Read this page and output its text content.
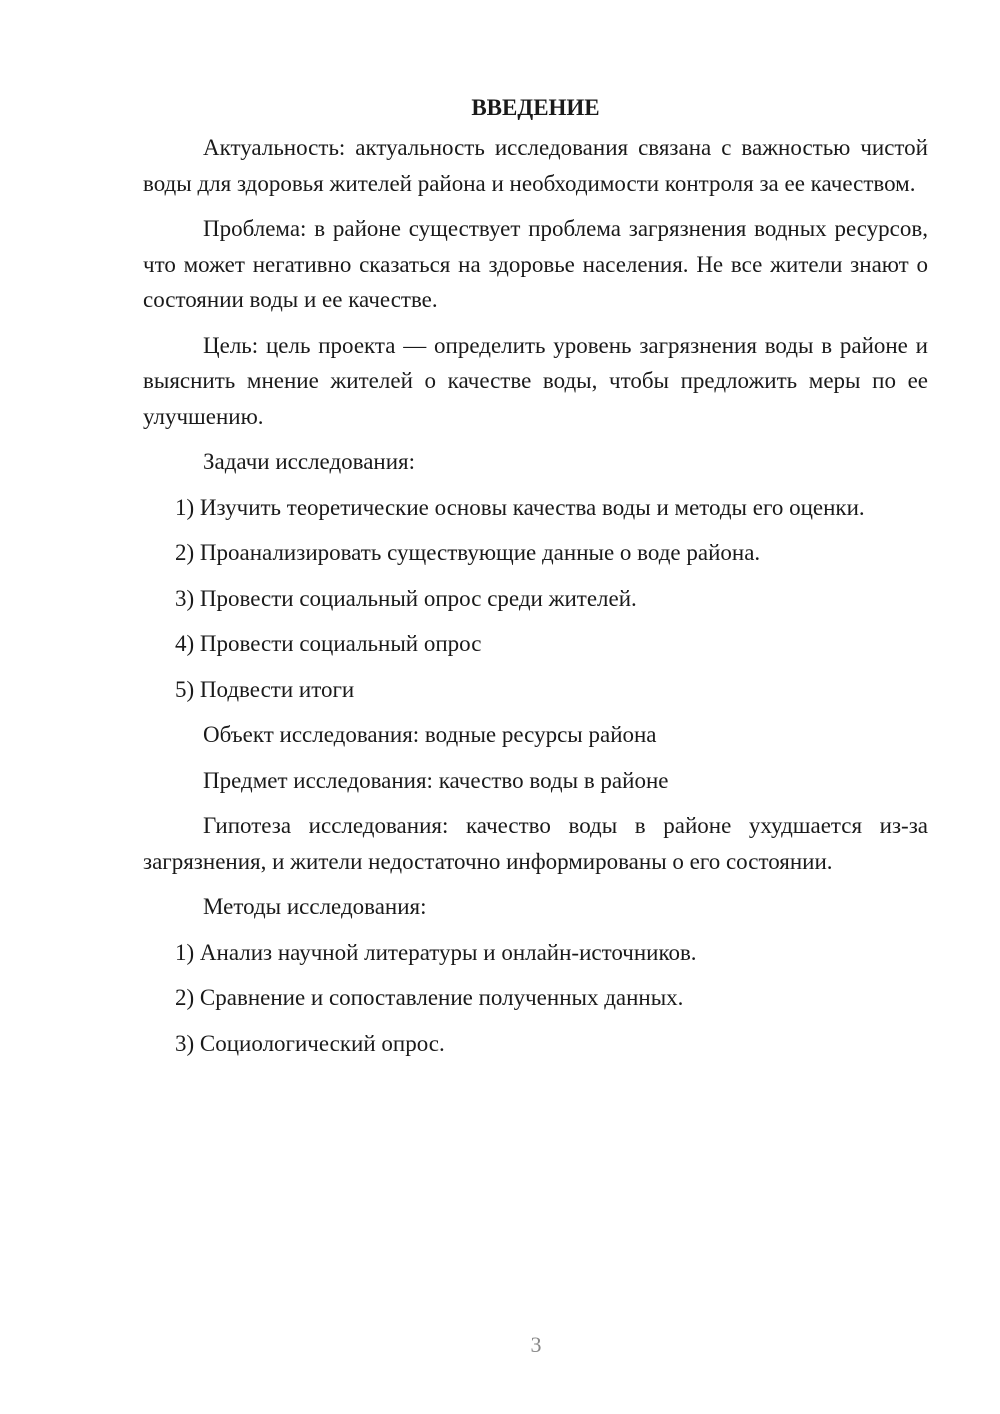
ВВЕДЕНИЕ
Актуальность: актуальность исследования связана с важностью чистой воды для здоровья жителей района и необходимости контроля за ее качеством.
Проблема: в районе существует проблема загрязнения водных ресурсов, что может негативно сказаться на здоровье населения. Не все жители знают о состоянии воды и ее качестве.
Цель: цель проекта — определить уровень загрязнения воды в районе и выяснить мнение жителей о качестве воды, чтобы предложить меры по ее улучшению.
Задачи исследования:
1) Изучить теоретические основы качества воды и методы его оценки.
2) Проанализировать существующие данные о воде района.
3) Провести социальный опрос среди жителей.
4) Провести социальный опрос
5) Подвести итоги
Объект исследования: водные ресурсы района
Предмет исследования: качество воды в районе
Гипотеза исследования: качество воды в районе ухудшается из-за загрязнения, и жители недостаточно информированы о его состоянии.
Методы исследования:
1) Анализ научной литературы и онлайн-источников.
2) Сравнение и сопоставление полученных данных.
3) Социологический опрос.
3
